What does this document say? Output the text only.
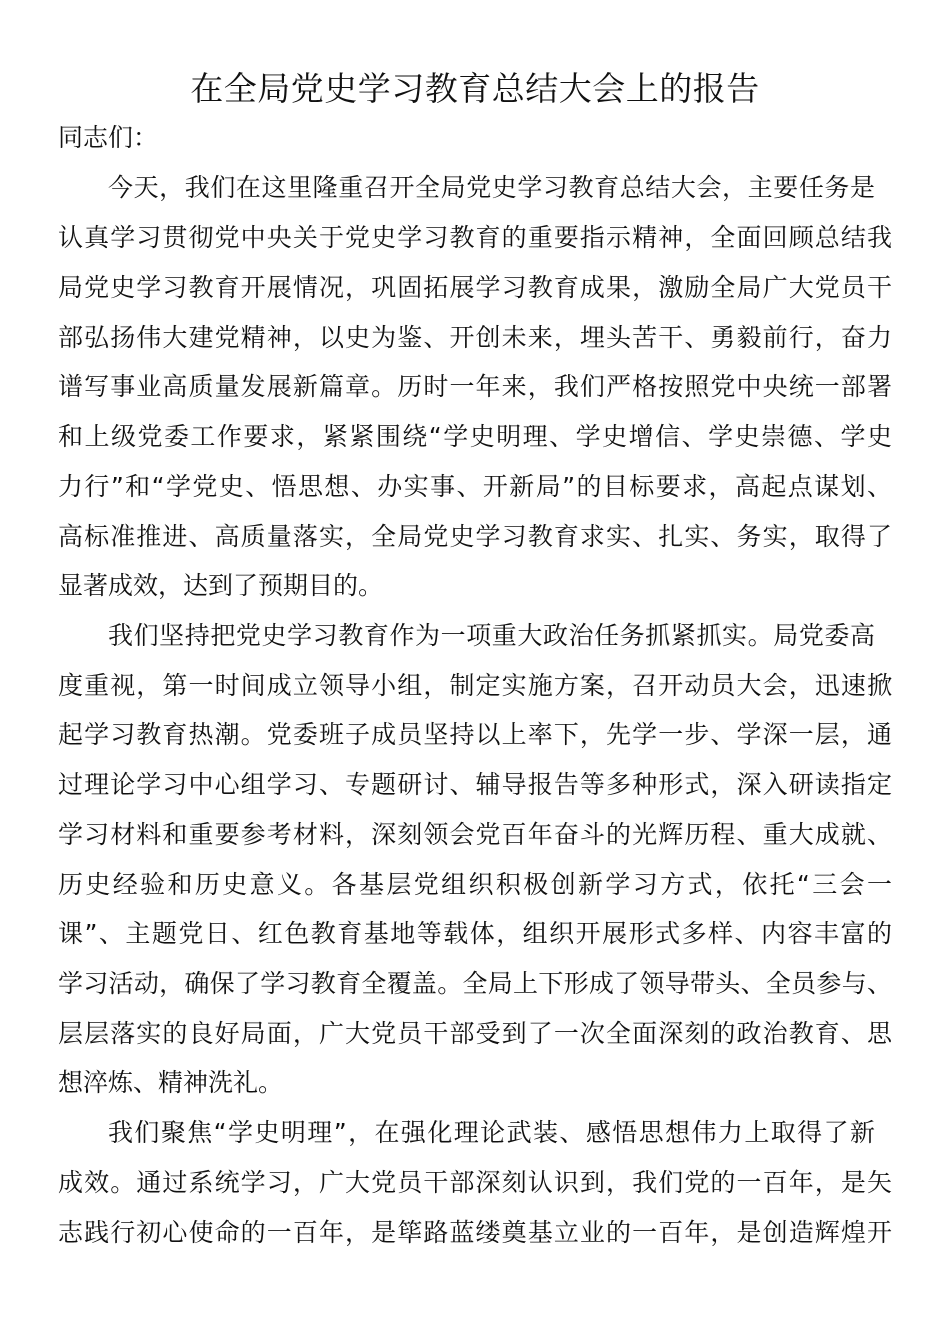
在全局党史学习教育总结大会上的报告
同志们：
今天，我们在这里隆重召开全局党史学习教育总结大会，主要任务是
认真学习贯彻党中央关于党史学习教育的重要指示精神，全面回顾总结我
局党史学习教育开展情况，巩固拓展学习教育成果，激励全局广大党员干
部弘扬伟大建党精神，以史为鉴、开创未来，埋头苦干、勇毅前行，奋力
谱写事业高质量发展新篇章。历时一年来，我们严格按照党中央统一部署
和上级党委工作要求，紧紧围绕“学史明理、学史增信、学史崇德、学史
力行”和“学党史、悟思想、办实事、开新局”的目标要求，高起点谋划、
高标准推进、高质量落实，全局党史学习教育求实、扎实、务实，取得了
显著成效，达到了预期目的。
我们坚持把党史学习教育作为一项重大政治任务抓紧抓实。局党委高
度重视，第一时间成立领导小组，制定实施方案，召开动员大会，迅速掀
起学习教育热潮。党委班子成员坚持以上率下，先学一步、学深一层，通
过理论学习中心组学习、专题研讨、辅导报告等多种形式，深入研读指定
学习材料和重要参考材料，深刻领会党百年奋斗的光辉历程、重大成就、
历史经验和历史意义。各基层党组织积极创新学习方式，依托“三会一
课”、主题党日、红色教育基地等载体，组织开展形式多样、内容丰富的
学习活动，确保了学习教育全覆盖。全局上下形成了领导带头、全员参与、
层层落实的良好局面，广大党员干部受到了一次全面深刻的政治教育、思
想淬炼、精神洗礼。
我们聚焦“学史明理”，在强化理论武装、感悟思想伟力上取得了新
成效。通过系统学习，广大党员干部深刻认识到，我们党的一百年，是矢
志践行初心使命的一百年，是筚路蓝缕奠基立业的一百年，是创造辉煌开
